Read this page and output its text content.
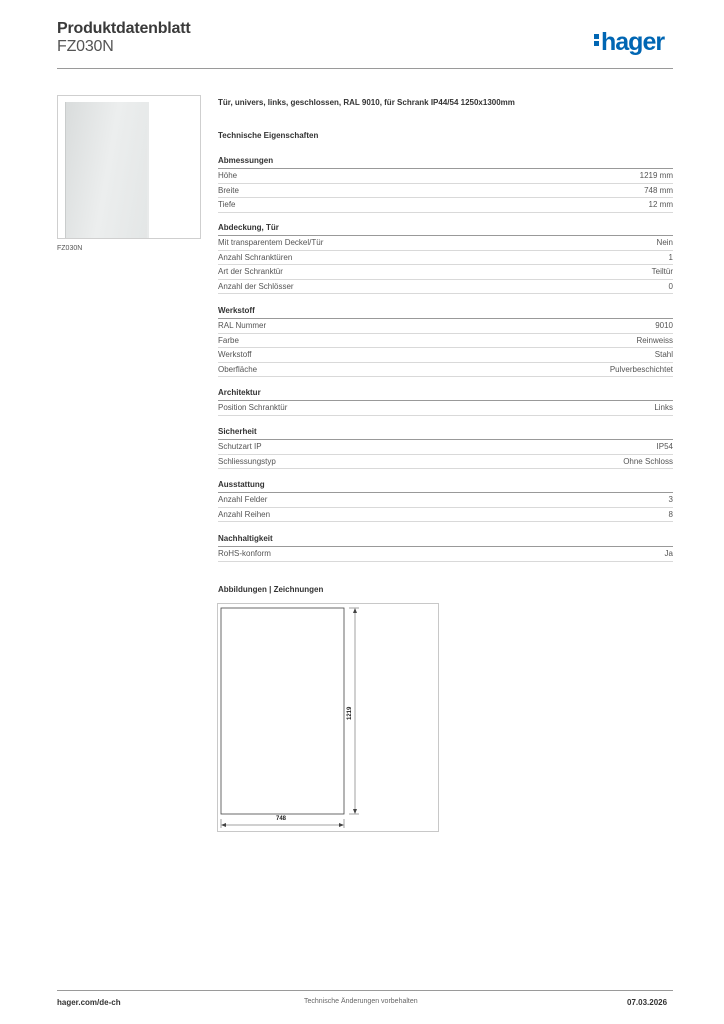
Produktdatenblatt
FZ030N	hager
FZ030N
Tür, univers, links, geschlossen, RAL 9010, für Schrank IP44/54 1250x1300mm
Technische Eigenschaften
Abmessungen
Höhe	1219 mm
Breite	748 mm
Tiefe	12 mm
Abdeckung, Tür
Mit transparentem Deckel/Tür	Nein
Anzahl Schranktüren	1
Art der Schranktür	Teiltür
Anzahl der Schlösser	0
Werkstoff
RAL Nummer	9010
Farbe	Reinweiss
Werkstoff	Stahl
Oberfläche	Pulverbeschichtet
Architektur
Position Schranktür	Links
Sicherheit
Schutzart IP	IP54
Schliessungstyp	Ohne Schloss
Ausstattung
Anzahl Felder	3
Anzahl Reihen	8
Nachhaltigkeit
RoHS-konform	Ja
Abbildungen | Zeichnungen
1219
748
hager.com/de-ch	Technische Änderungen vorbehalten	07.03.2026
